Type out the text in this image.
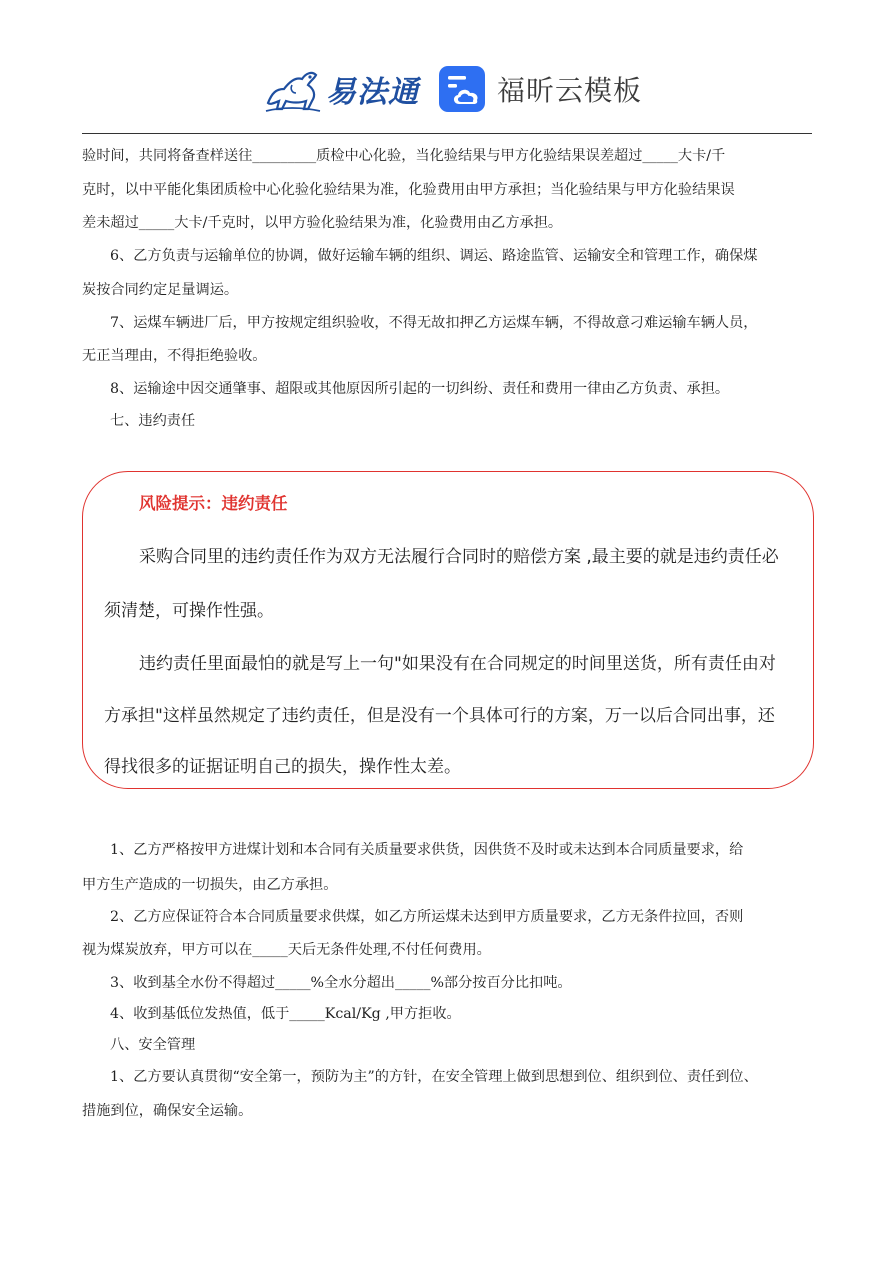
易法通	福昕云模板
验时间，共同将备查样送往_________质检中心化验，当化验结果与甲方化验结果误差超过_____大卡/千
克时，以中平能化集团质检中心化验化验结果为准，化验费用由甲方承担；当化验结果与甲方化验结果误
差未超过_____大卡/千克时，以甲方验化验结果为准，化验费用由乙方承担。
6、乙方负责与运输单位的协调，做好运输车辆的组织、调运、路途监管、运输安全和管理工作，确保煤
炭按合同约定足量调运。
7、运煤车辆进厂后，甲方按规定组织验收，不得无故扣押乙方运煤车辆，不得故意刁难运输车辆人员，
无正当理由，不得拒绝验收。
8、运输途中因交通肇事、超限或其他原因所引起的一切纠纷、责任和费用一律由乙方负责、承担。
七、违约责任
风险提示：违约责任
采购合同里的违约责任作为双方无法履行合同时的赔偿方案 ,最主要的就是违约责任必
须清楚，可操作性强。
违约责任里面最怕的就是写上一句"如果没有在合同规定的时间里送货，所有责任由对
方承担"这样虽然规定了违约责任，但是没有一个具体可行的方案，万一以后合同出事，还
得找很多的证据证明自己的损失，操作性太差。
1、乙方严格按甲方进煤计划和本合同有关质量要求供货，因供货不及时或未达到本合同质量要求，给
甲方生产造成的一切损失，由乙方承担。
2、乙方应保证符合本合同质量要求供煤，如乙方所运煤未达到甲方质量要求，乙方无条件拉回，否则
视为煤炭放弃，甲方可以在_____天后无条件处理,不付任何费用。
3、收到基全水份不得超过_____%全水分超出_____%部分按百分比扣吨。
4、收到基低位发热值，低于_____Kcal/Kg ,甲方拒收。
八、安全管理
1、乙方要认真贯彻“安全第一，预防为主”的方针，在安全管理上做到思想到位、组织到位、责任到位、
措施到位，确保安全运输。
